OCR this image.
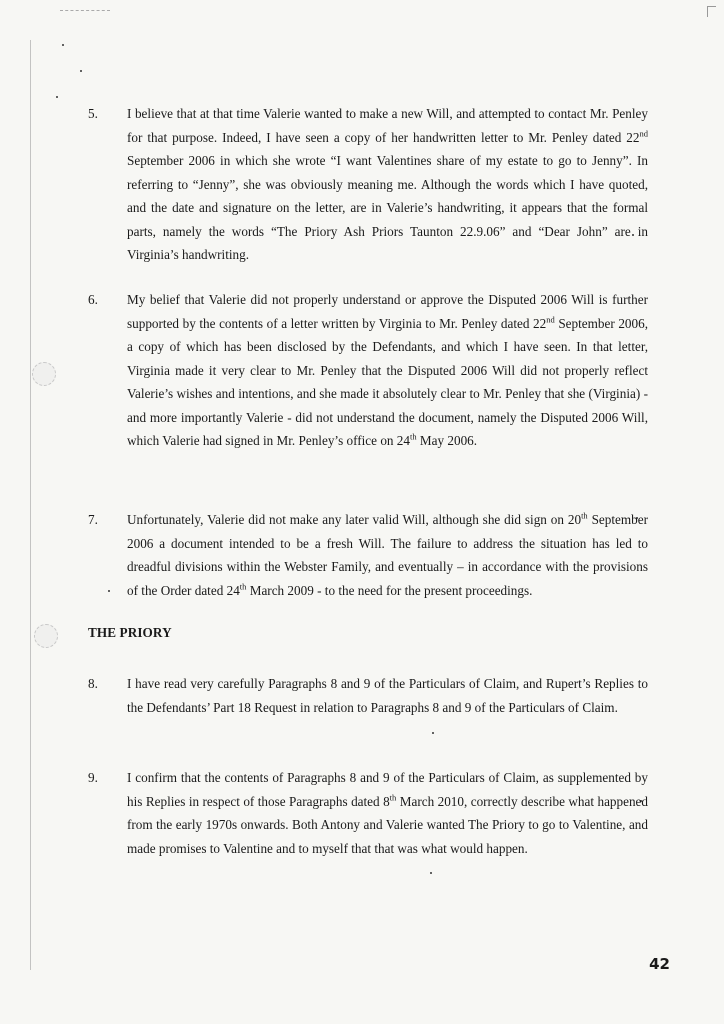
5.	I believe that at that time Valerie wanted to make a new Will, and attempted to contact Mr. Penley for that purpose. Indeed, I have seen a copy of her handwritten letter to Mr. Penley dated 22nd September 2006 in which she wrote “I want Valentines share of my estate to go to Jenny”. In referring to “Jenny”, she was obviously meaning me. Although the words which I have quoted, and the date and signature on the letter, are in Valerie’s handwriting, it appears that the formal parts, namely the words “The Priory Ash Priors Taunton 22.9.06” and “Dear John” are in Virginia’s handwriting.
6.	My belief that Valerie did not properly understand or approve the Disputed 2006 Will is further supported by the contents of a letter written by Virginia to Mr. Penley dated 22nd September 2006, a copy of which has been disclosed by the Defendants, and which I have seen. In that letter, Virginia made it very clear to Mr. Penley that the Disputed 2006 Will did not properly reflect Valerie’s wishes and intentions, and she made it absolutely clear to Mr. Penley that she (Virginia) - and more importantly Valerie - did not understand the document, namely the Disputed 2006 Will, which Valerie had signed in Mr. Penley’s office on 24th May 2006.
7.	Unfortunately, Valerie did not make any later valid Will, although she did sign on 20th September 2006 a document intended to be a fresh Will. The failure to address the situation has led to dreadful divisions within the Webster Family, and eventually – in accordance with the provisions of the Order dated 24th March 2009 - to the need for the present proceedings.
THE PRIORY
8.	I have read very carefully Paragraphs 8 and 9 of the Particulars of Claim, and Rupert’s Replies to the Defendants’ Part 18 Request in relation to Paragraphs 8 and 9 of the Particulars of Claim.
9.	I confirm that the contents of Paragraphs 8 and 9 of the Particulars of Claim, as supplemented by his Replies in respect of those Paragraphs dated 8th March 2010, correctly describe what happened from the early 1970s onwards. Both Antony and Valerie wanted The Priory to go to Valentine, and made promises to Valentine and to myself that that was what would happen.
42
